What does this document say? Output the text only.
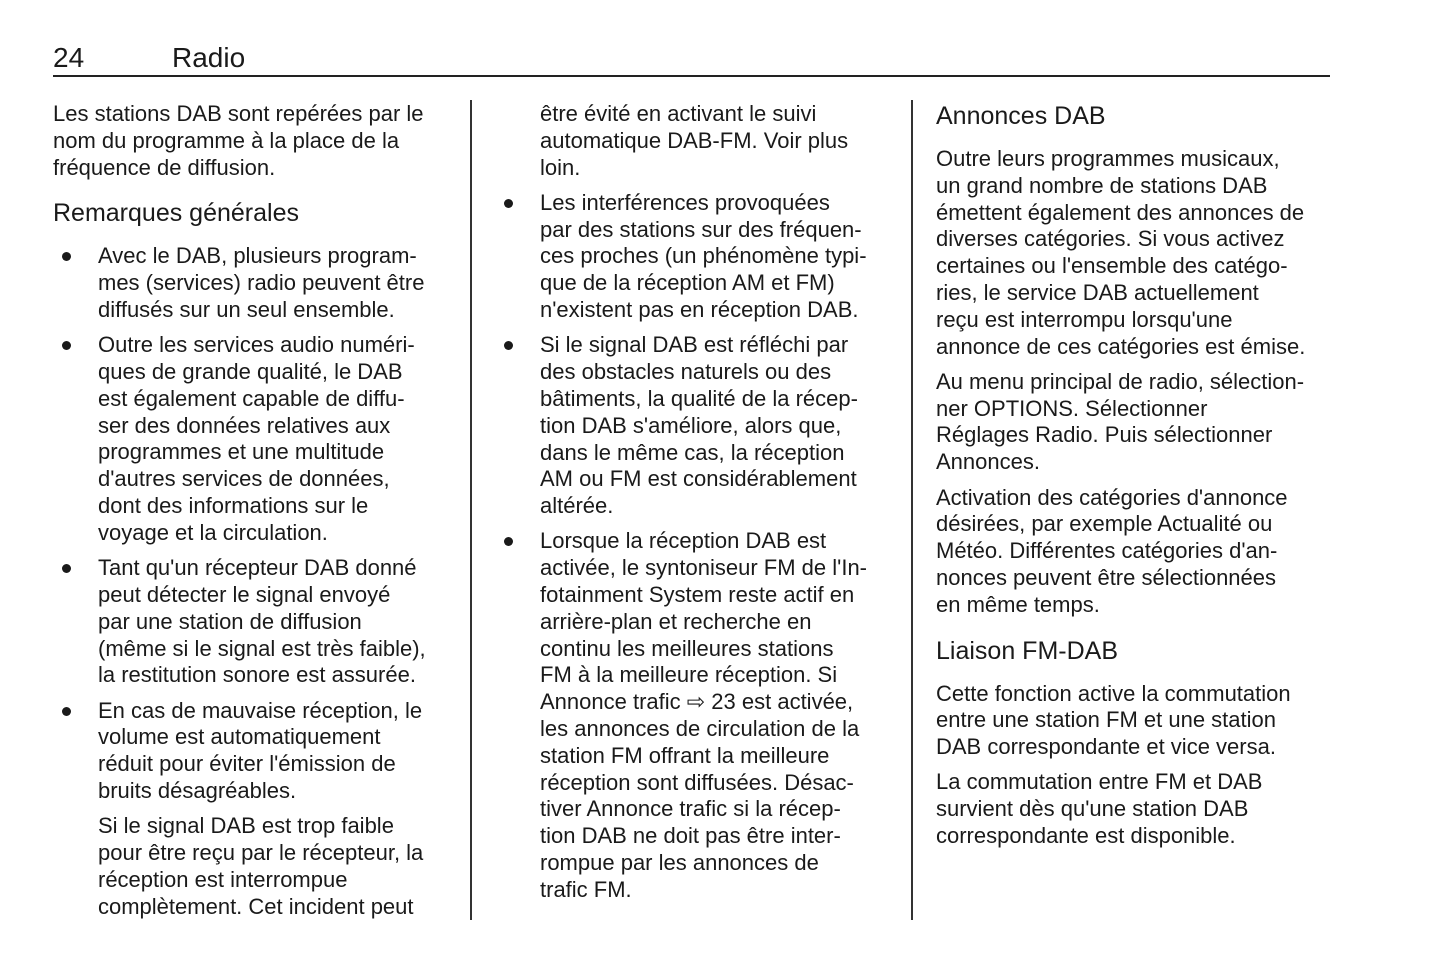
24	Radio
Les stations DAB sont repérées par le
nom du programme à la place de la
fréquence de diffusion.
Remarques générales
Avec le DAB, plusieurs program-
mes (services) radio peuvent être
diffusés sur un seul ensemble.
Outre les services audio numéri-
ques de grande qualité, le DAB
est également capable de diffu-
ser des données relatives aux
programmes et une multitude
d'autres services de données,
dont des informations sur le
voyage et la circulation.
Tant qu'un récepteur DAB donné
peut détecter le signal envoyé
par une station de diffusion
(même si le signal est très faible),
la restitution sonore est assurée.
En cas de mauvaise réception, le
volume est automatiquement
réduit pour éviter l'émission de
bruits désagréables.
Si le signal DAB est trop faible
pour être reçu par le récepteur, la
réception est interrompue
complètement. Cet incident peut
être évité en activant le suivi
automatique DAB-FM. Voir plus
loin.
Les interférences provoquées
par des stations sur des fréquen-
ces proches (un phénomène typi-
que de la réception AM et FM)
n'existent pas en réception DAB.
Si le signal DAB est réfléchi par
des obstacles naturels ou des
bâtiments, la qualité de la récep-
tion DAB s'améliore, alors que,
dans le même cas, la réception
AM ou FM est considérablement
altérée.
Lorsque la réception DAB est
activée, le syntoniseur FM de l'In-
fotainment System reste actif en
arrière-plan et recherche en
continu les meilleures stations
FM à la meilleure réception. Si
Annonce trafic ⇨ 23 est activée,
les annonces de circulation de la
station FM offrant la meilleure
réception sont diffusées. Désac-
tiver Annonce trafic si la récep-
tion DAB ne doit pas être inter-
rompue par les annonces de
trafic FM.
Annonces DAB
Outre leurs programmes musicaux,
un grand nombre de stations DAB
émettent également des annonces de
diverses catégories. Si vous activez
certaines ou l'ensemble des catégo-
ries, le service DAB actuellement
reçu est interrompu lorsqu'une
annonce de ces catégories est émise.
Au menu principal de radio, sélection-
ner OPTIONS. Sélectionner
Réglages Radio. Puis sélectionner
Annonces.
Activation des catégories d'annonce
désirées, par exemple Actualité ou
Météo. Différentes catégories d'an-
nonces peuvent être sélectionnées
en même temps.
Liaison FM-DAB
Cette fonction active la commutation
entre une station FM et une station
DAB correspondante et vice versa.
La commutation entre FM et DAB
survient dès qu'une station DAB
correspondante est disponible.
